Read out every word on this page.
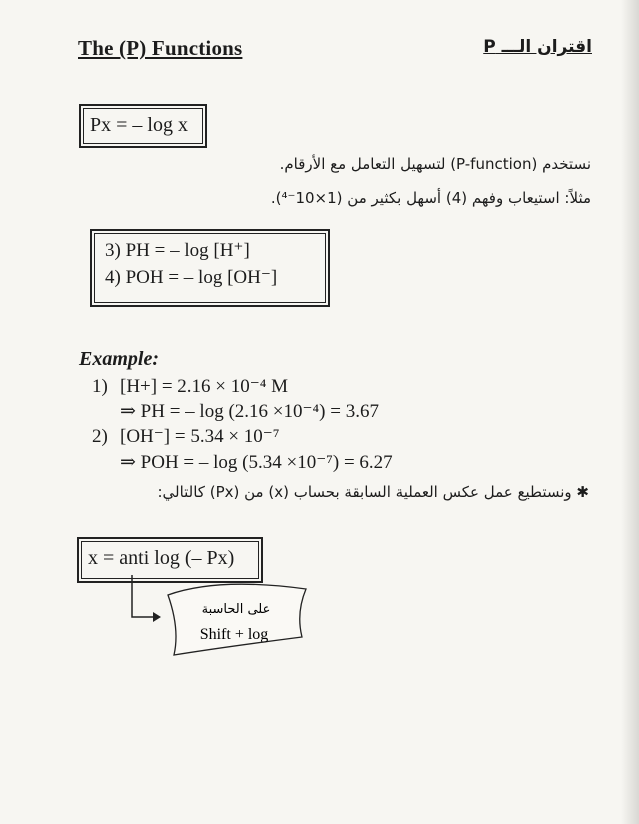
The (P) Functions	اقتران الـــ P
Px = – log x
نستخدم (P-function) لتسهيل التعامل مع الأرقام.
مثلاً: استيعاب وفهم (4) أسهل بكثير من (1×10⁻⁴).
3) PH = – log [H⁺]
4) POH = – log [OH⁻]
Example:
1) [H+] = 2.16 × 10⁻⁴ M
⇒ PH = – log (2.16 ×10⁻⁴) = 3.67
2) [OH⁻] = 5.34 × 10⁻⁷
⇒ POH = – log (5.34 ×10⁻⁷) = 6.27
✱ ونستطيع عمل عكس العملية السابقة بحساب (x) من (Px) كالتالي:
x = anti log (– Px)
على الحاسبة
Shift + log
